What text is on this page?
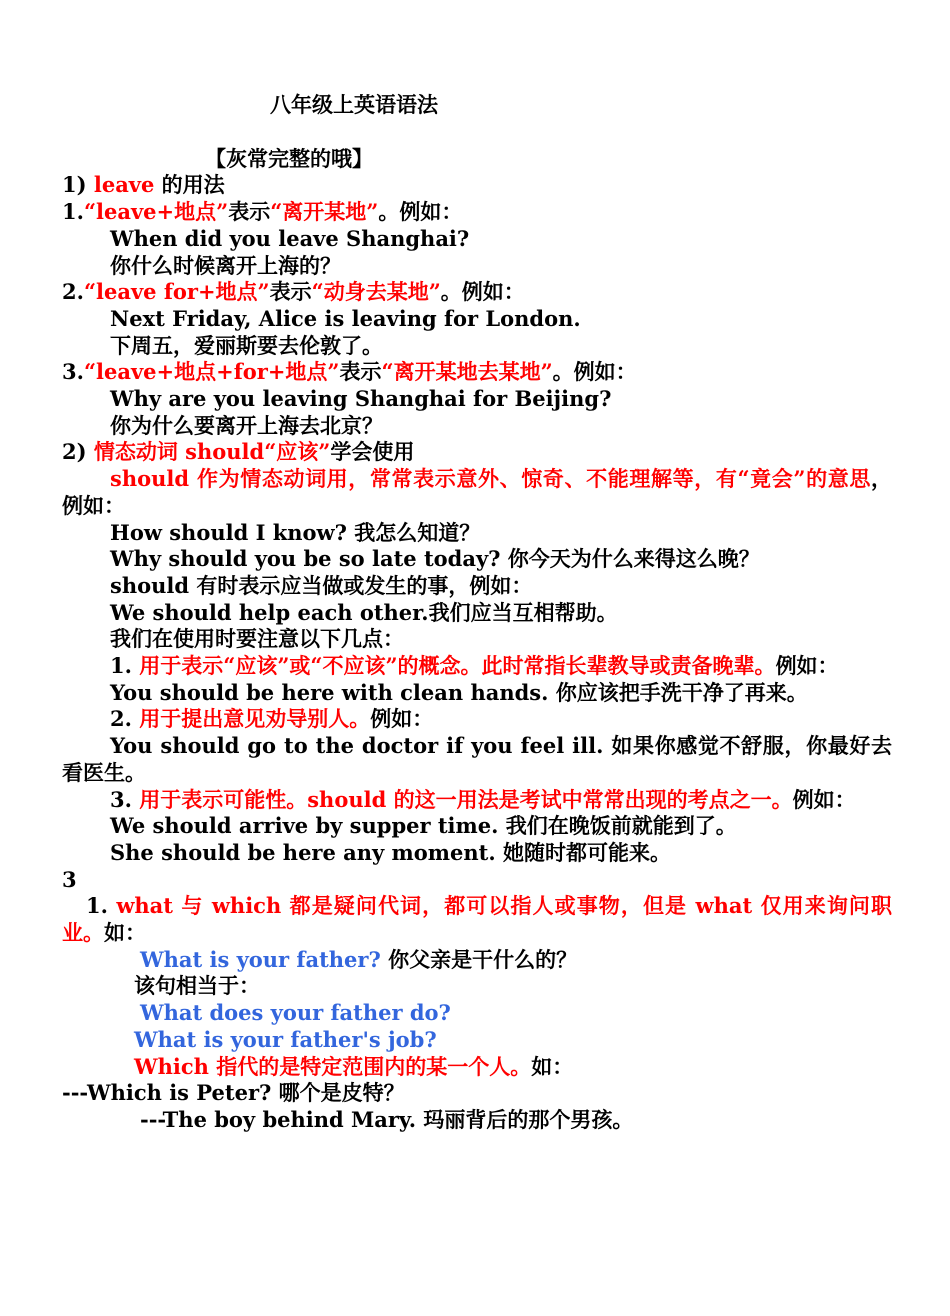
八年级上英语语法
【灰常完整的哦】
1) leave 的用法
1.“leave+地点”表示“离开某地”。例如：
When did you leave Shanghai?
你什么时候离开上海的？
2.“leave for+地点”表示“动身去某地”。例如：
Next Friday, Alice is leaving for London.
下周五，爱丽斯要去伦敦了。
3.“leave+地点+for+地点”表示“离开某地去某地”。例如：
Why are you leaving Shanghai for Beijing?
你为什么要离开上海去北京？
2) 情态动词 should“应该”学会使用
should 作为情态动词用，常常表示意外、惊奇、不能理解等，有“竟会”的意思，例如：
How should I know? 我怎么知道？
Why should you be so late today? 你今天为什么来得这么晚？
should 有时表示应当做或发生的事，例如：
We should help each other.我们应当互相帮助。
我们在使用时要注意以下几点：
1. 用于表示“应该”或“不应该”的概念。此时常指长辈教导或责备晚辈。例如：
You should be here with clean hands. 你应该把手洗干净了再来。
2. 用于提出意见劝导别人。例如：
You should go to the doctor if you feel ill. 如果你感觉不舒服，你最好去看医生。
3. 用于表示可能性。should 的这一用法是考试中常常出现的考点之一。例如：
We should arrive by supper time. 我们在晚饭前就能到了。
She should be here any moment. 她随时都可能来。
3
1. what 与 which 都是疑问代词，都可以指人或事物，但是 what 仅用来询问职业。如：
What is your father? 你父亲是干什么的？
该句相当于：
What does your father do?
What is your father's job?
Which 指代的是特定范围内的某一个人。如：
---Which is Peter? 哪个是皮特？
---The boy behind Mary. 玛丽背后的那个男孩。
